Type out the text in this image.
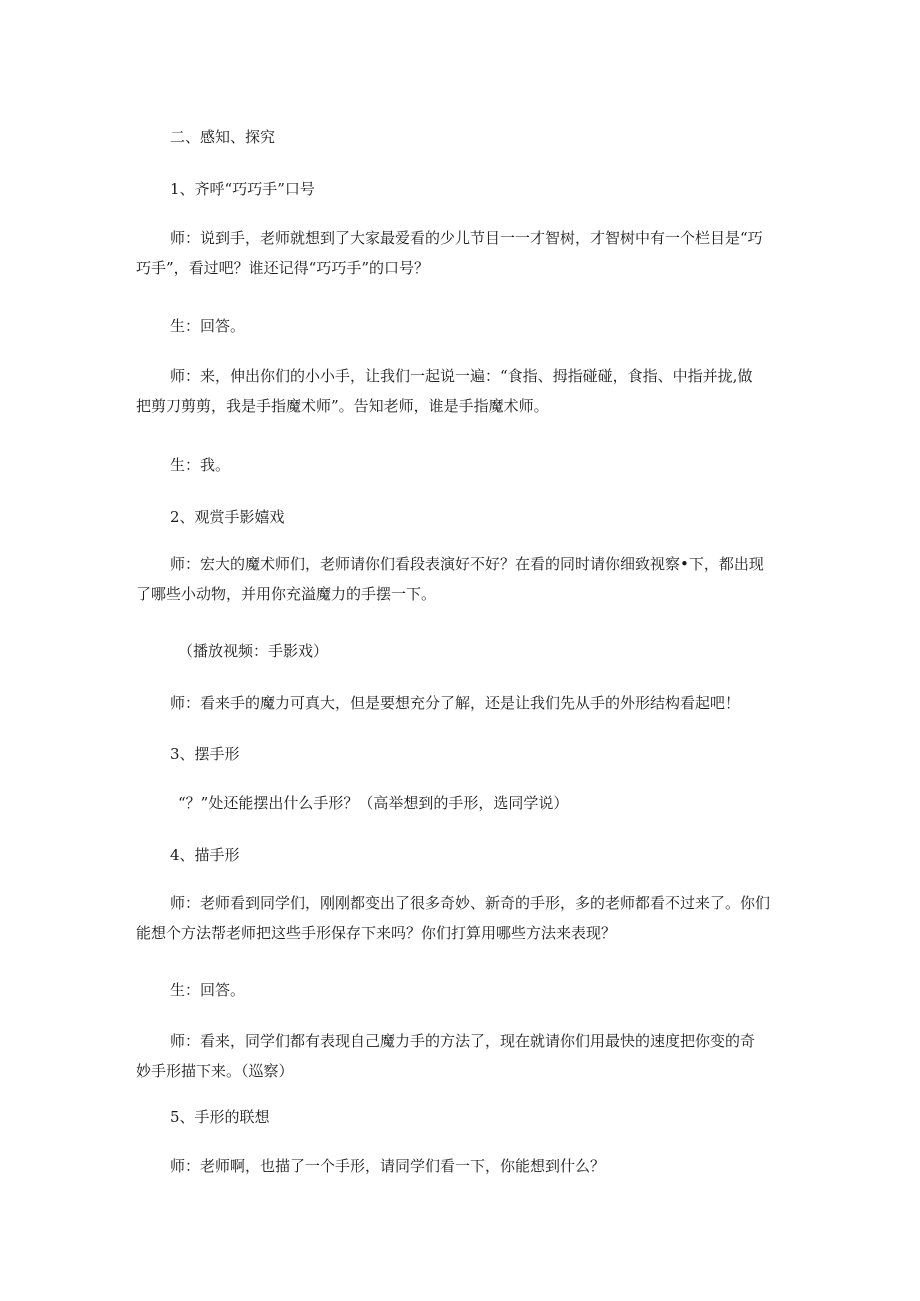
二、感知、探究

1、齐呼“巧巧手”口号

师：说到手，老师就想到了大家最爱看的少儿节目一一才智树，才智树中有一个栏目是“巧
巧手”，看过吧？谁还记得“巧巧手”的口号？

生：回答。

师：来，伸出你们的小小手，让我们一起说一遍：“食指、拇指碰碰，食指、中指并拢,做
把剪刀剪剪，我是手指魔术师”。告知老师，谁是手指魔术师。

生：我。

2、观赏手影嬉戏

师：宏大的魔术师们，老师请你们看段表演好不好？在看的同时请你细致视察•下，都出现
了哪些小动物，并用你充溢魔力的手摆一下。

（播放视频：手影戏）

师：看来手的魔力可真大，但是要想充分了解，还是让我们先从手的外形结构看起吧！

3、摆手形

“？”处还能摆出什么手形？（高举想到的手形，选同学说）

4、描手形

师：老师看到同学们，刚刚都变出了很多奇妙、新奇的手形，多的老师都看不过来了。你们
能想个方法帮老师把这些手形保存下来吗？你们打算用哪些方法来表现？

生：回答。

师：看来，同学们都有表现自己魔力手的方法了，现在就请你们用最快的速度把你变的奇
妙手形描下来。（巡察）

5、手形的联想

师：老师啊，也描了一个手形，请同学们看一下，你能想到什么？
